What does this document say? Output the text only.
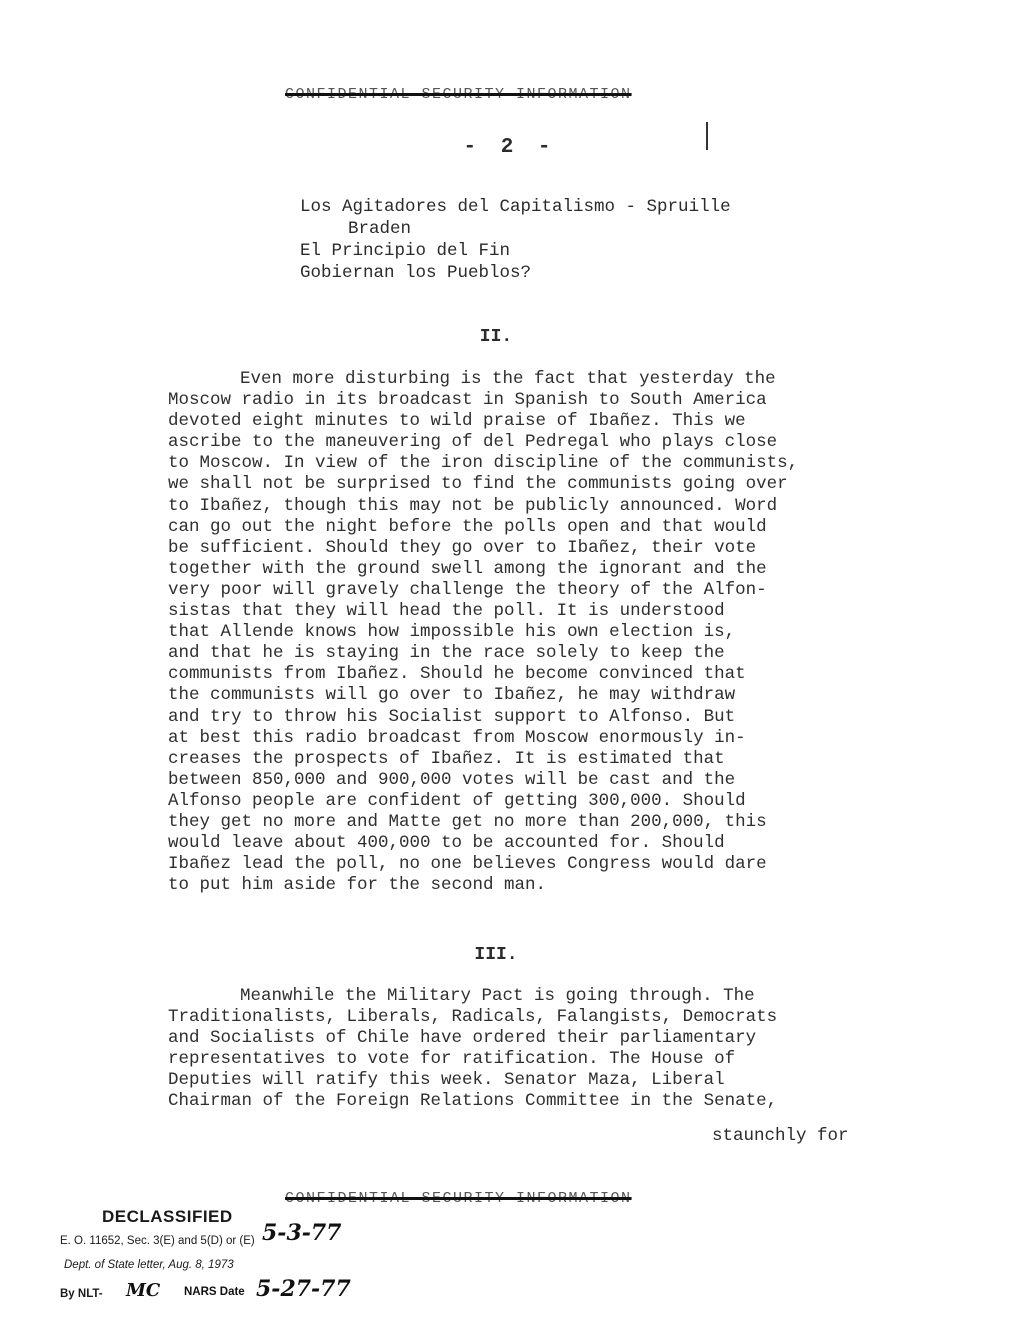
CONFIDENTIAL SECURITY INFORMATION
- 2 -
Los Agitadores del Capitalismo - Spruille
Braden
El Principio del Fin
Gobiernan los Pueblos?
II.
Even more disturbing is the fact that yesterday the
Moscow radio in its broadcast in Spanish to South America
devoted eight minutes to wild praise of Ibañez. This we
ascribe to the maneuvering of del Pedregal who plays close
to Moscow. In view of the iron discipline of the communists,
we shall not be surprised to find the communists going over
to Ibañez, though this may not be publicly announced. Word
can go out the night before the polls open and that would
be sufficient. Should they go over to Ibañez, their vote
together with the ground swell among the ignorant and the
very poor will gravely challenge the theory of the Alfon-
sistas that they will head the poll. It is understood
that Allende knows how impossible his own election is,
and that he is staying in the race solely to keep the
communists from Ibañez. Should he become convinced that
the communists will go over to Ibañez, he may withdraw
and try to throw his Socialist support to Alfonso. But
at best this radio broadcast from Moscow enormously in-
creases the prospects of Ibañez. It is estimated that
between 850,000 and 900,000 votes will be cast and the
Alfonso people are confident of getting 300,000. Should
they get no more and Matte get no more than 200,000, this
would leave about 400,000 to be accounted for. Should
Ibañez lead the poll, no one believes Congress would dare
to put him aside for the second man.
III.
Meanwhile the Military Pact is going through. The
Traditionalists, Liberals, Radicals, Falangists, Democrats
and Socialists of Chile have ordered their parliamentary
representatives to vote for ratification. The House of
Deputies will ratify this week. Senator Maza, Liberal
Chairman of the Foreign Relations Committee in the Senate,
staunchly for
CONFIDENTIAL SECURITY INFORMATION
DECLASSIFIED
E. O. 11652, Sec. 3(E) and 5(D) or (E)
Dept. of State letter, Aug. 8, 1973
By NLT-
5-3-77
MC NARS Date 5-27-77
